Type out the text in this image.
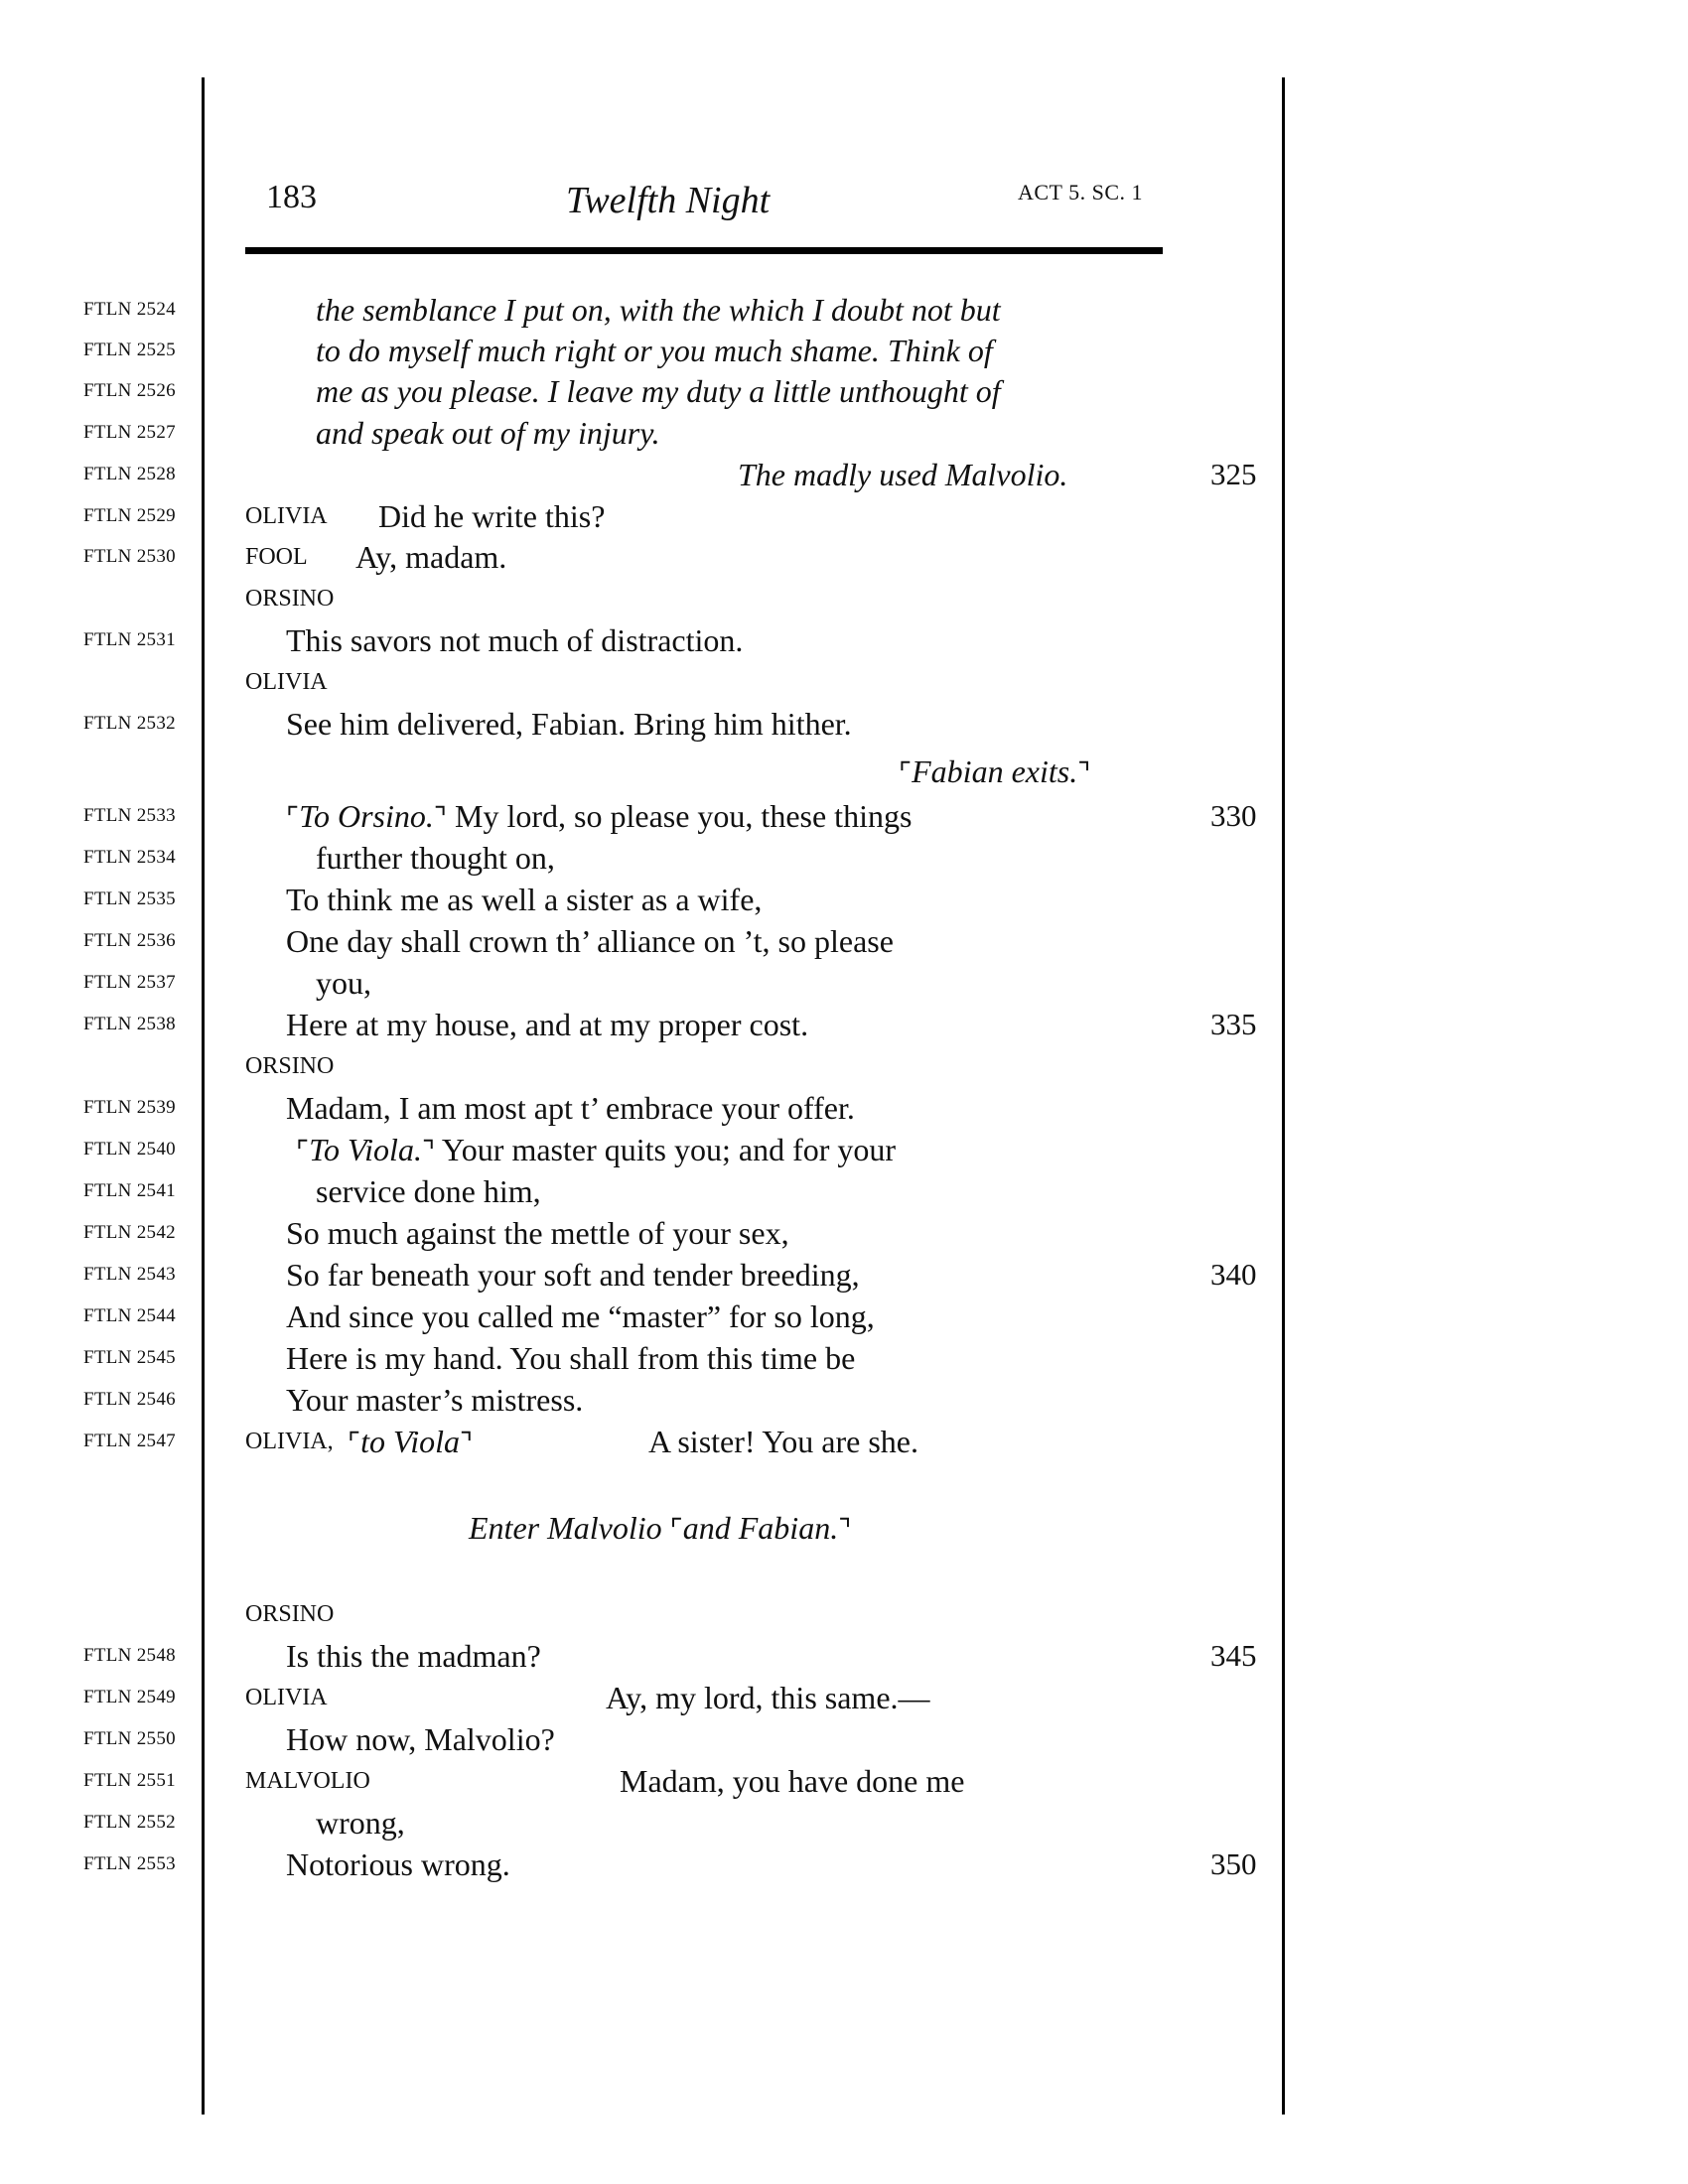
183	Twelfth Night	ACT 5. SC. 1
FTLN 2524	the semblance I put on, with the which I doubt not but
FTLN 2525	to do myself much right or you much shame. Think of
FTLN 2526	me as you please. I leave my duty a little unthought of
FTLN 2527	and speak out of my injury.
FTLN 2528	The madly used Malvolio.	325
FTLN 2529	OLIVIA Did he write this?
FTLN 2530	FOOL Ay, madam.
ORSINO
FTLN 2531	This savors not much of distraction.
OLIVIA
FTLN 2532	See him delivered, Fabian. Bring him hither.
⌜Fabian exits.⌝
FTLN 2533	⌜To Orsino.⌝ My lord, so please you, these things	330
FTLN 2534	further thought on,
FTLN 2535	To think me as well a sister as a wife,
FTLN 2536	One day shall crown th’ alliance on ’t, so please
FTLN 2537	you,
FTLN 2538	Here at my house, and at my proper cost.	335
ORSINO
FTLN 2539	Madam, I am most apt t’ embrace your offer.
FTLN 2540	⌜To Viola.⌝ Your master quits you; and for your
FTLN 2541	service done him,
FTLN 2542	So much against the mettle of your sex,
FTLN 2543	So far beneath your soft and tender breeding,	340
FTLN 2544	And since you called me “master” for so long,
FTLN 2545	Here is my hand. You shall from this time be
FTLN 2546	Your master’s mistress.
FTLN 2547	OLIVIA, ⌜to Viola⌝	A sister! You are she.
Enter Malvolio ⌜and Fabian.⌝
ORSINO
FTLN 2548	Is this the madman?	345
FTLN 2549	OLIVIA	Ay, my lord, this same.—
FTLN 2550	How now, Malvolio?
FTLN 2551	MALVOLIO	Madam, you have done me
FTLN 2552	wrong,
FTLN 2553	Notorious wrong.	350
